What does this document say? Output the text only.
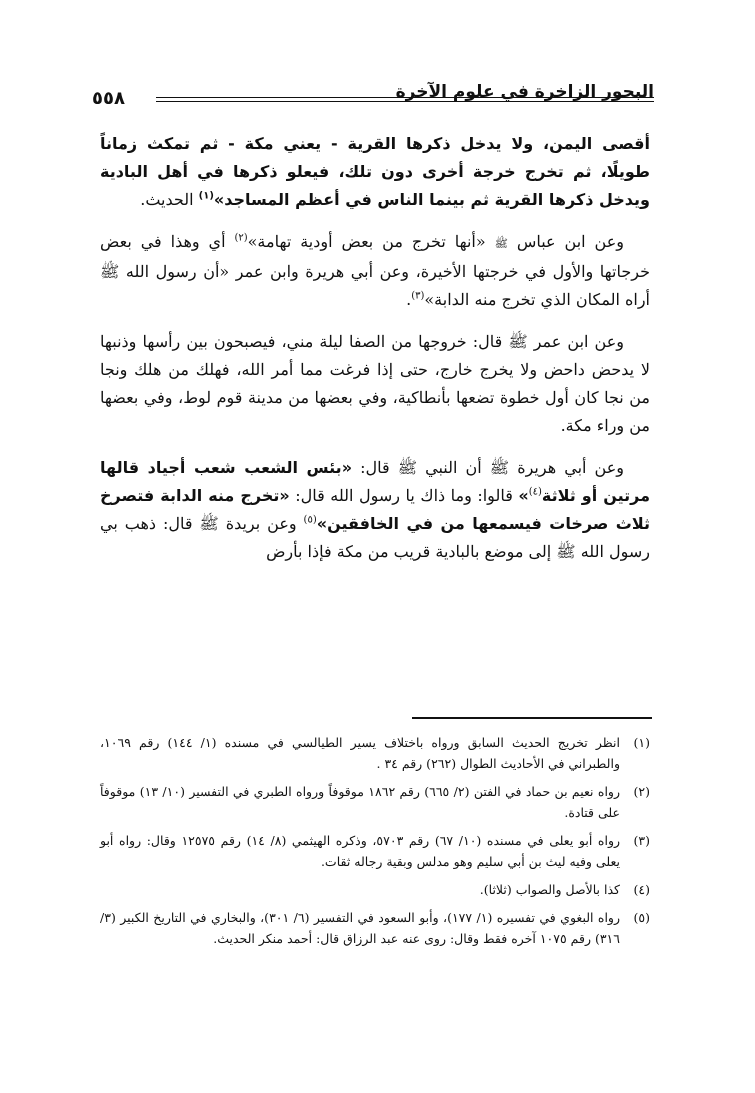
البحور الزاخرة في علوم الآخرة
٥٥٨

أقصى اليمن، ولا يدخل ذكرها القرية - يعني مكة - ثم تمكث زماناً طويلًا، ثم تخرج خرجة أخرى دون تلك، فيعلو ذكرها في أهل البادية ويدخل ذكرها القرية ثم بينما الناس في أعظم المساجد»$^{(١)}$ الحديث.

وعن ابن عباس ﷺ «أنها تخرج من بعض أودية تهامة»$^{(٢)}$ أي وهذا في بعض خرجاتها والأول في خرجتها الأخيرة، وعن أبي هريرة وابن عمر «أن رسول الله ﷺ أراه المكان الذي تخرج منه الدابة»$^{(٣)}$.

وعن ابن عمر ﷺ قال: خروجها من الصفا ليلة مني، فيصبحون بين رأسها وذنبها لا يدحض داحض ولا يخرج خارج، حتى إذا فرغت مما أمر الله، فهلك من هلك ونجا من نجا كان أول خطوة تضعها بأنطاكية، وفي بعضها من مدينة قوم لوط، وفي بعضها من وراء مكة.

وعن أبي هريرة ﷺ أن النبي ﷺ قال: «بئس الشعب شعب أجياد قالها مرتين أو ثلاثة$^{(٤)}$» قالوا: وما ذاك يا رسول الله قال: «تخرج منه الدابة فتصرخ ثلاث صرخات فيسمعها من في الخافقين»$^{(٥)}$ وعن بريدة ﷺ قال: ذهب بي رسول الله ﷺ إلى موضع بالبادية قريب من مكة فإذا بأرض

(١)
انظر تخريج الحديث السابق ورواه باختلاف يسير الطيالسي في مسنده (١/ ١٤٤) رقم ١٠٦٩، والطبراني في الأحاديث الطوال (٢٦٢) رقم ٣٤ .
(٢)
رواه نعيم بن حماد في الفتن (٢/ ٦٦٥) رقم ١٨٦٢ موقوفاً ورواه الطبري في التفسير (١٠/ ١٣) موقوفاً على قتادة.
(٣)
رواه أبو يعلى في مسنده (١٠/ ٦٧) رقم ٥٧٠٣، وذكره الهيثمي (٨/ ١٤) رقم ١٢٥٧٥ وقال: رواه أبو يعلى وفيه ليث بن أبي سليم وهو مدلس وبقية رجاله ثقات.
(٤)
كذا بالأصل والصواب (ثلاثا).
(٥)
رواه البغوي في تفسيره (١/ ١٧٧)، وأبو السعود في التفسير (٦/ ٣٠١)، والبخاري في التاريخ الكبير (٣/ ٣١٦) رقم ١٠٧٥ آخره فقط وقال: روى عنه عبد الرزاق قال: أحمد منكر الحديث.
